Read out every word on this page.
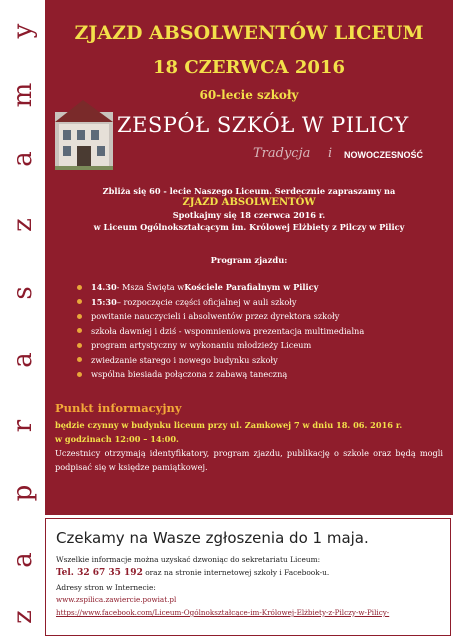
z
a
p
r
a
s
z
a
m
y	ZJAZD ABSOLWENTÓW LICEUM
18 CZERWCA 2016
60-lecie szkoły
ZESPÓŁ SZKÓŁ W PILICY
Tradycja i NOWOCZESNOŚĆ
Zbliża się 60 - lecie Naszego Liceum. Serdecznie zapraszamy na
ZJAZD ABSOLWENTÓW
Spotkajmy się 18 czerwca 2016 r.
w Liceum Ogólnokształcącym im. Królowej Elżbiety z Pilczy w Pilicy
Program zjazdu:
14.30 - Msza Święta w Kościele Parafialnym w Pilicy
15:30 – rozpoczęcie części oficjalnej w auli szkoły
powitanie nauczycieli i absolwentów przez dyrektora szkoły
szkoła dawniej i dziś - wspomnieniowa prezentacja multimedialna
program artystyczny w wykonaniu młodzieży Liceum
zwiedzanie starego i nowego budynku szkoły
wspólna biesiada połączona z zabawą taneczną
Punkt informacyjny
będzie czynny w budynku liceum przy ul. Zamkowej 7 w dniu 18. 06. 2016 r.
w godzinach 12:00 – 14:00.
Uczestnicy otrzymają identyfikatory, program zjazdu, publikację o szkole oraz będą mogli podpisać się w księdze pamiątkowej.
Czekamy na Wasze zgłoszenia do 1 maja.
Wszelkie informacje można uzyskać dzwoniąc do sekretariatu Liceum:
Tel. 32 67 35 192 oraz na stronie internetowej szkoły i Facebook-u.
Adresy stron w Internecie:
www.zspilica.zawiercie.powiat.pl
https://www.facebook.com/Liceum-Ogólnokształcące-im-Królowej-Elżbiety-z-Pilczy-w-Pilicy-
